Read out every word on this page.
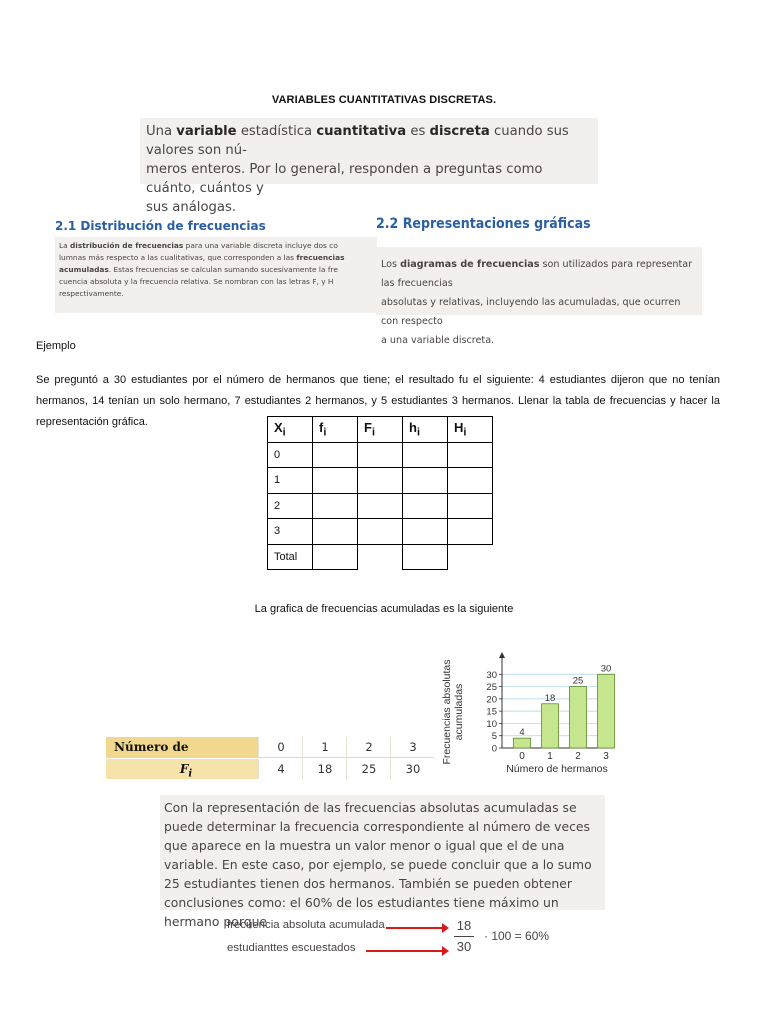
VARIABLES CUANTITATIVAS DISCRETAS.
Una variable estadística cuantitativa es discreta cuando sus valores son nú-
meros enteros. Por lo general, responden a preguntas como cuánto, cuántos y
sus análogas.
2.1 Distribución de frecuencias
La distribución de frecuencias para una variable discreta incluye dos co
lumnas más respecto a las cualitativas, que corresponden a las frecuencias
acumuladas. Estas frecuencias se calculan sumando sucesivamente la fre
cuencia absoluta y la frecuencia relativa. Se nombran con las letras F, y H
respectivamente.
2.2 Representaciones gráficas
Los diagramas de frecuencias son utilizados para representar las frecuencias
absolutas y relativas, incluyendo las acumuladas, que ocurren con respecto
a una variable discreta.
Ejemplo
Se preguntó a 30 estudiantes por el número de hermanos que tiene; el resultado fu el siguiente: 4 estudiantes dijeron que no tenían hermanos, 14 tenían un solo hermano, 7 estudiantes 2 hermanos, y 5 estudiantes 3 hermanos. Llenar la tabla de frecuencias y hacer la representación gráfica.	$X_i$	$f_i$	$F_i$	$h_i$	$H_i$
0				
1				
2				
3				
Total				
La grafica de frecuencias acumuladas es la siguiente
Número de	0	1	2	3
$F_i$	4	18	25	30
Frecuencias absolutas acumuladas
Número de hermanos
0
5
10
15
20
25
30
4
0
18
1
25
2
30
3
Con la representación de las frecuencias absolutas acumuladas se puede determinar la frecuencia correspondiente al número de veces que aparece en la muestra un valor menor o igual que el de una variable. En este caso, por ejemplo, se puede concluir que a lo sumo 25 estudiantes tienen dos hermanos. También se pueden obtener conclusiones como: el 60% de los estudiantes tiene máximo un hermano porque
frecuencia absoluta acumulada
estudianttes escuestados
18
30
· 100 = 60%
